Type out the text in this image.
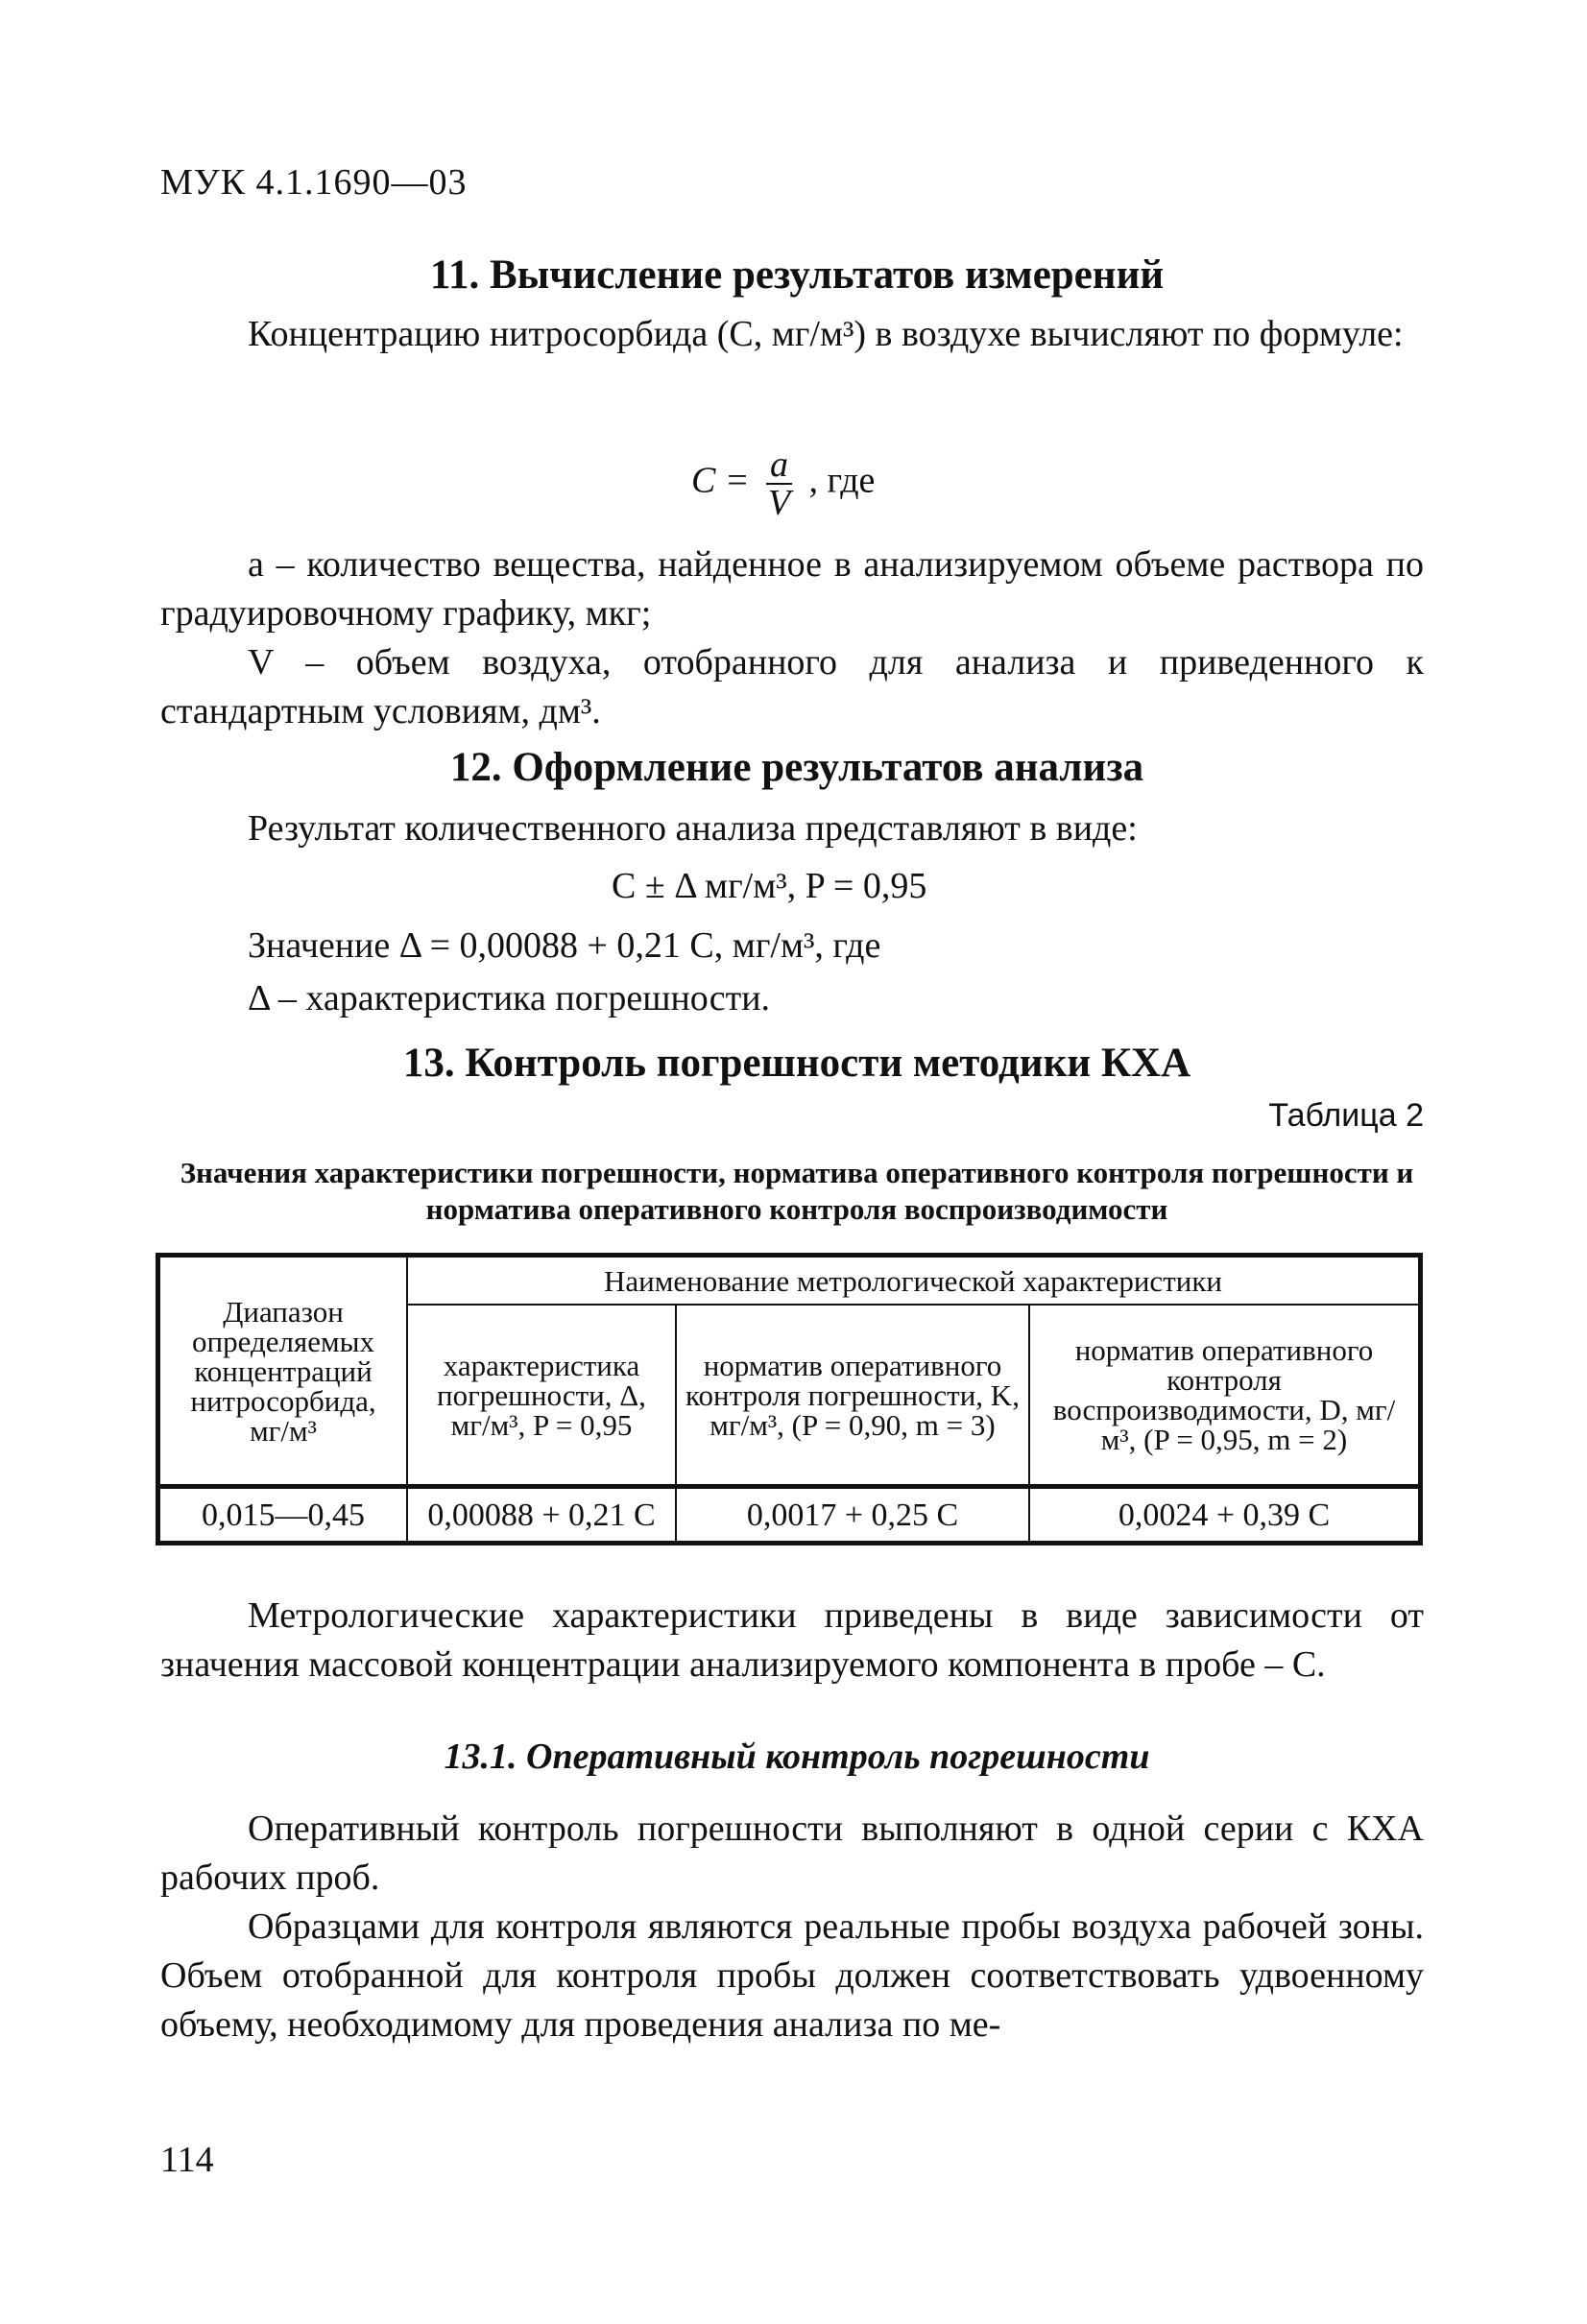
МУК 4.1.1690—03
11. Вычисление результатов измерений
Концентрацию нитросорбида (C, мг/м³) в воздухе вычисляют по формуле:
$C = \frac{a}{V}$ , где
a – количество вещества, найденное в анализируемом объеме раствора по градуировочному графику, мкг;
V – объем воздуха, отобранного для анализа и приведенного к стандартным условиям, дм³.
12. Оформление результатов анализа
Результат количественного анализа представляют в виде:
C ± Δ мг/м³, P = 0,95
Значение Δ = 0,00088 + 0,21 C, мг/м³, где
Δ – характеристика погрешности.
13. Контроль погрешности методики КХА
Таблица 2
Значения характеристики погрешности, норматива оперативного контроля погрешности и норматива оперативного контроля воспроизводимости
Диапазон определяемых концентраций нитросорбида, мг/м³	Наименование метрологической характеристики		
	характеристика погрешности, Δ, мг/м³, P = 0,95	норматив оперативного контроля погрешности, K, мг/м³, (P = 0,90, m = 3)	норматив оперативного контроля воспроизводимости, D, мг/м³, (P = 0,95, m = 2)
0,015—0,45	0,00088 + 0,21 C	0,0017 + 0,25 C	0,0024 + 0,39 C
Метрологические характеристики приведены в виде зависимости от значения массовой концентрации анализируемого компонента в пробе – C.
13.1. Оперативный контроль погрешности
Оперативный контроль погрешности выполняют в одной серии с КХА рабочих проб.
Образцами для контроля являются реальные пробы воздуха рабочей зоны. Объем отобранной для контроля пробы должен соответствовать удвоенному объему, необходимому для проведения анализа по ме-
114
